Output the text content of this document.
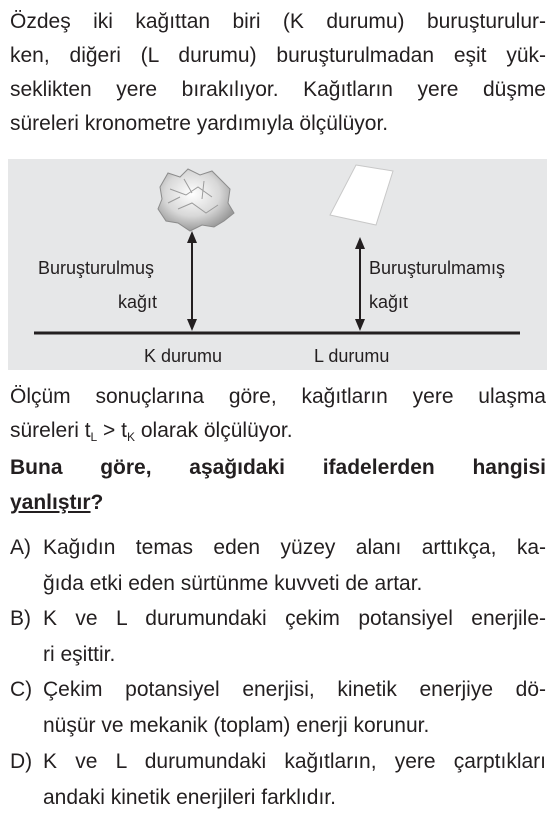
Özdeş iki kağıttan biri (K durumu) buruşturulur-
ken, diğeri (L durumu) buruşturulmadan eşit yük-
seklikten yere bırakılıyor. Kağıtların yere düşme
süreleri kronometre yardımıyla ölçülüyor.
Buruşturulmuş
kağıt
Buruşturulmamış
kağıt
K durumu	L durumu
Ölçüm sonuçlarına göre, kağıtların yere ulaşma
süreleri $t_L > t_K$ olarak ölçülüyor.
Buna göre, aşağıdaki ifadelerden hangisi
yanlıştır?
A) Kağıdın temas eden yüzey alanı arttıkça, ka-
ğıda etki eden sürtünme kuvveti de artar.
B) K ve L durumundaki çekim potansiyel enerjile-
ri eşittir.
C) Çekim potansiyel enerjisi, kinetik enerjiye dö-
nüşür ve mekanik (toplam) enerji korunur.
D) K ve L durumundaki kağıtların, yere çarptıkları
andaki kinetik enerjileri farklıdır.
